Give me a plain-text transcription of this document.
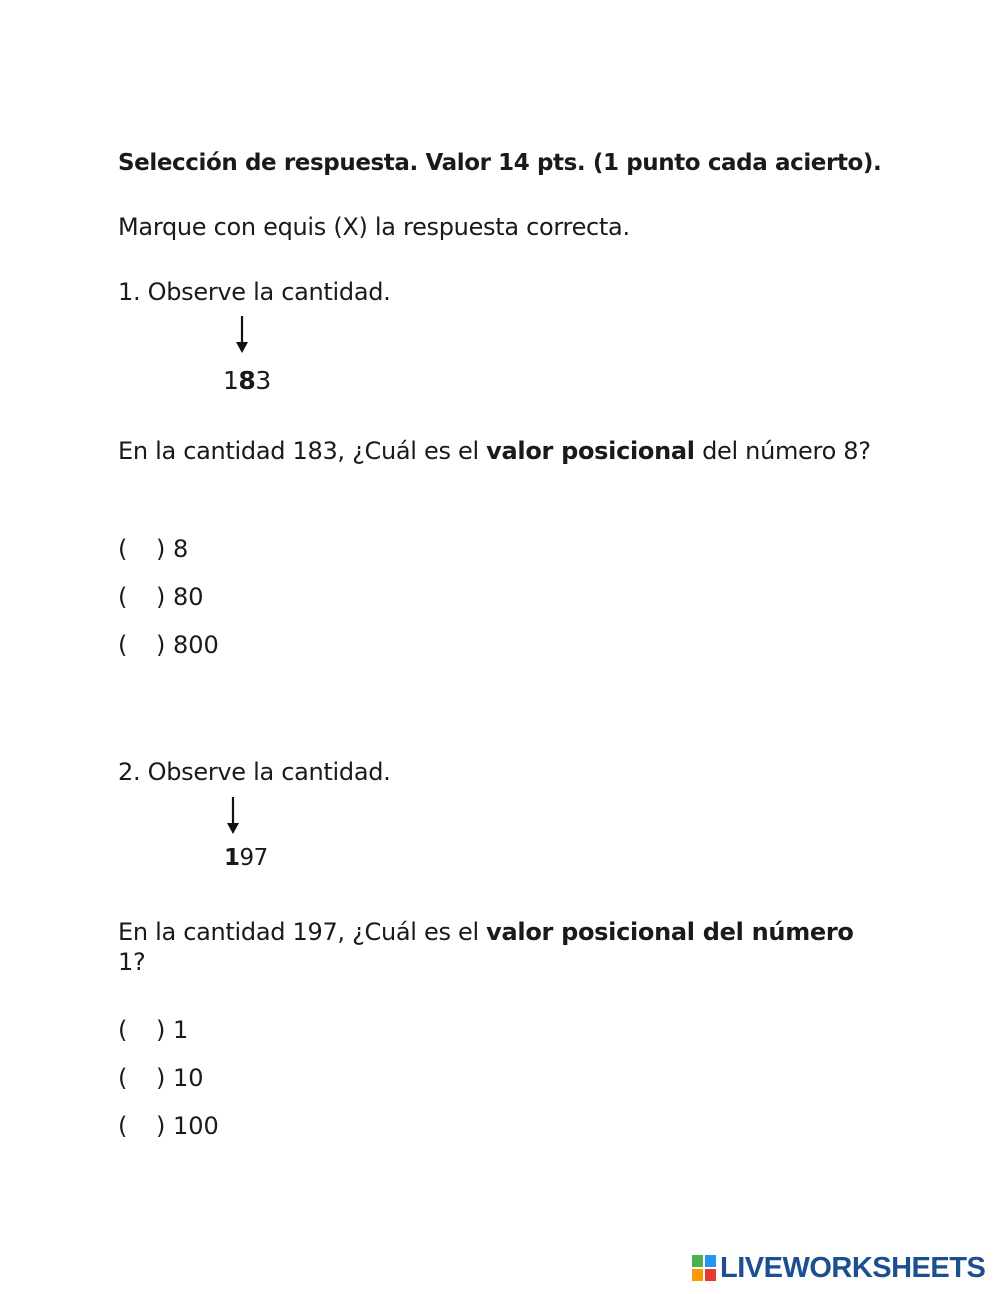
Selección de respuesta. Valor 14 pts. (1 punto cada acierto).
Marque con equis (X) la respuesta correcta.
1. Observe la cantidad.
183
En la cantidad 183, ¿Cuál es el valor posicional del número 8?
( ) 8
( ) 80
( ) 800
2. Observe la cantidad.
197
En la cantidad 197, ¿Cuál es el valor posicional del número 1?
( ) 1
( ) 10
( ) 100
LIVEWORKSHEETS
